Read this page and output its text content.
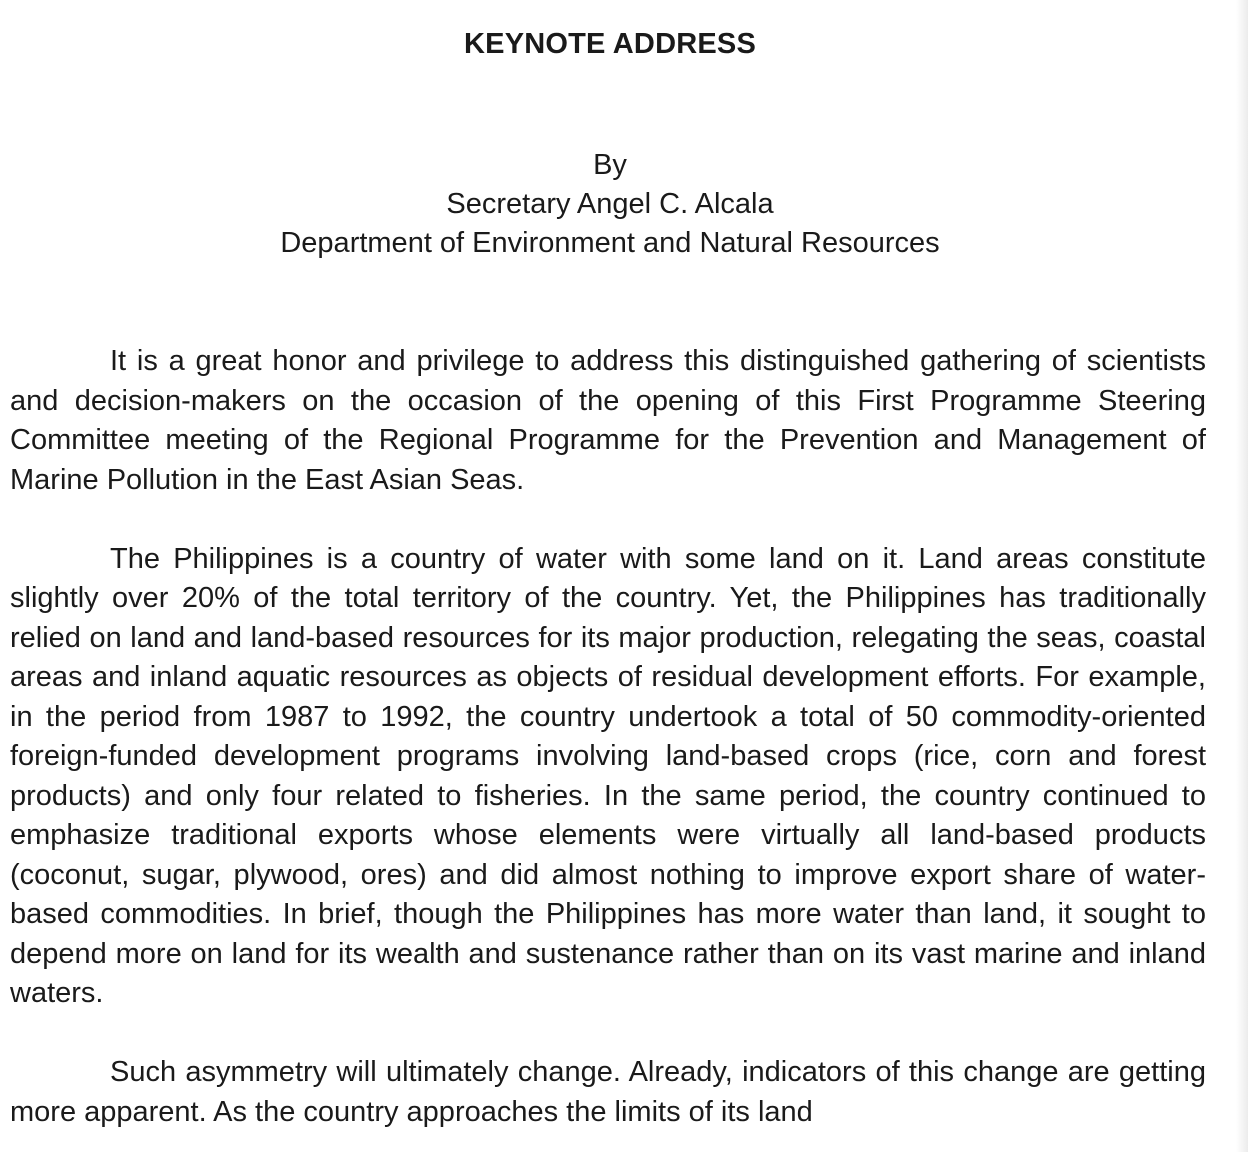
KEYNOTE ADDRESS
By
Secretary Angel C. Alcala
Department of Environment and Natural Resources

It is a great honor and privilege to address this distinguished gathering of scientists and decision-makers on the occasion of the opening of this First Programme Steering Committee meeting of the Regional Programme for the Prevention and Management of Marine Pollution in the East Asian Seas.

The Philippines is a country of water with some land on it. Land areas constitute slightly over 20% of the total territory of the country. Yet, the Philippines has traditionally relied on land and land-based resources for its major production, relegating the seas, coastal areas and inland aquatic resources as objects of residual development efforts. For example, in the period from 1987 to 1992, the country undertook a total of 50 commodity-oriented foreign-funded development programs involving land-based crops (rice, corn and forest products) and only four related to fisheries. In the same period, the country continued to emphasize traditional exports whose elements were virtually all land-based products (coconut, sugar, plywood, ores) and did almost nothing to improve export share of water-based commodities. In brief, though the Philippines has more water than land, it sought to depend more on land for its wealth and sustenance rather than on its vast marine and inland waters.

Such asymmetry will ultimately change. Already, indicators of this change are getting more apparent. As the country approaches the limits of its land
